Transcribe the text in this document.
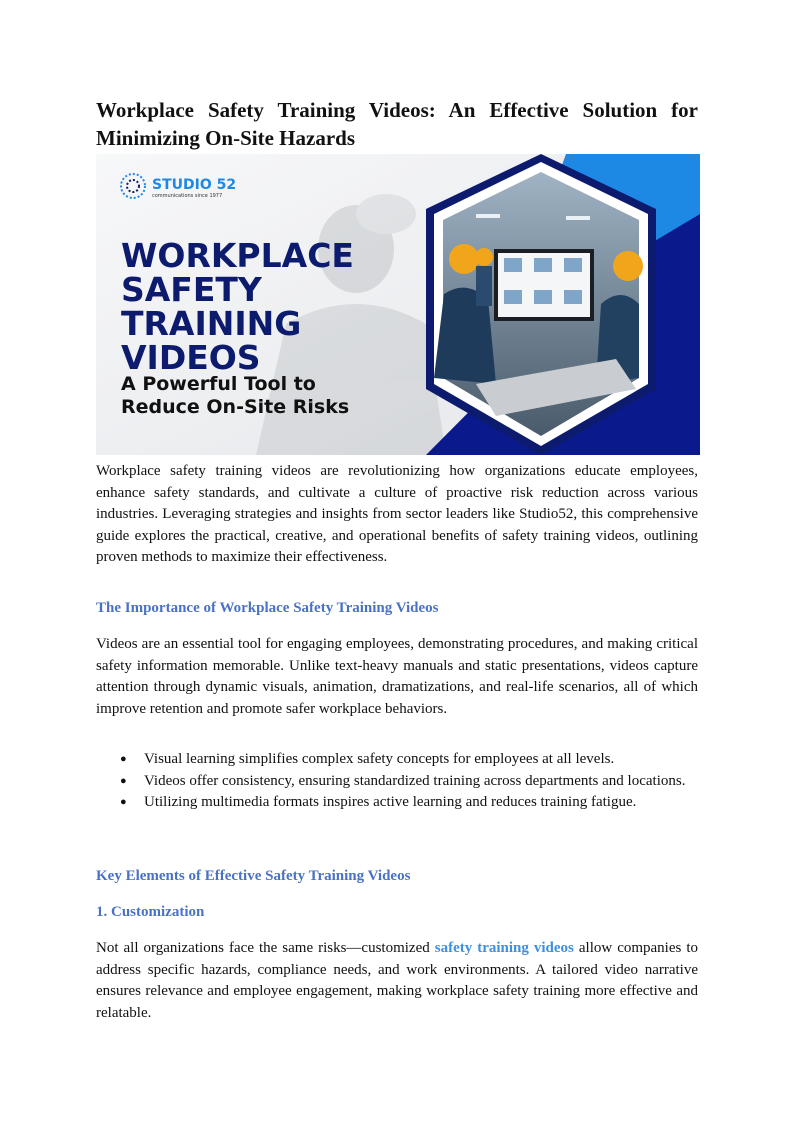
Workplace Safety Training Videos: An Effective Solution for Minimizing On-Site Hazards
STUDIO 52
communications since 1977
WORKPLACE
SAFETY
TRAINING
VIDEOS
A Powerful Tool to
Reduce On-Site Risks

Workplace safety training videos are revolutionizing how organizations educate employees, enhance safety standards, and cultivate a culture of proactive risk reduction across various industries. Leveraging strategies and insights from sector leaders like Studio52, this comprehensive guide explores the practical, creative, and operational benefits of safety training videos, outlining proven methods to maximize their effectiveness.

The Importance of Workplace Safety Training Videos

Videos are an essential tool for engaging employees, demonstrating procedures, and making critical safety information memorable. Unlike text-heavy manuals and static presentations, videos capture attention through dynamic visuals, animation, dramatizations, and real-life scenarios, all of which improve retention and promote safer workplace behaviors.

● Visual learning simplifies complex safety concepts for employees at all levels.
● Videos offer consistency, ensuring standardized training across departments and locations.
● Utilizing multimedia formats inspires active learning and reduces training fatigue.
Key Elements of Effective Safety Training Videos
1. Customization

Not all organizations face the same risks—customized safety training videos allow companies to address specific hazards, compliance needs, and work environments. A tailored video narrative ensures relevance and employee engagement, making workplace safety training more effective and relatable.
